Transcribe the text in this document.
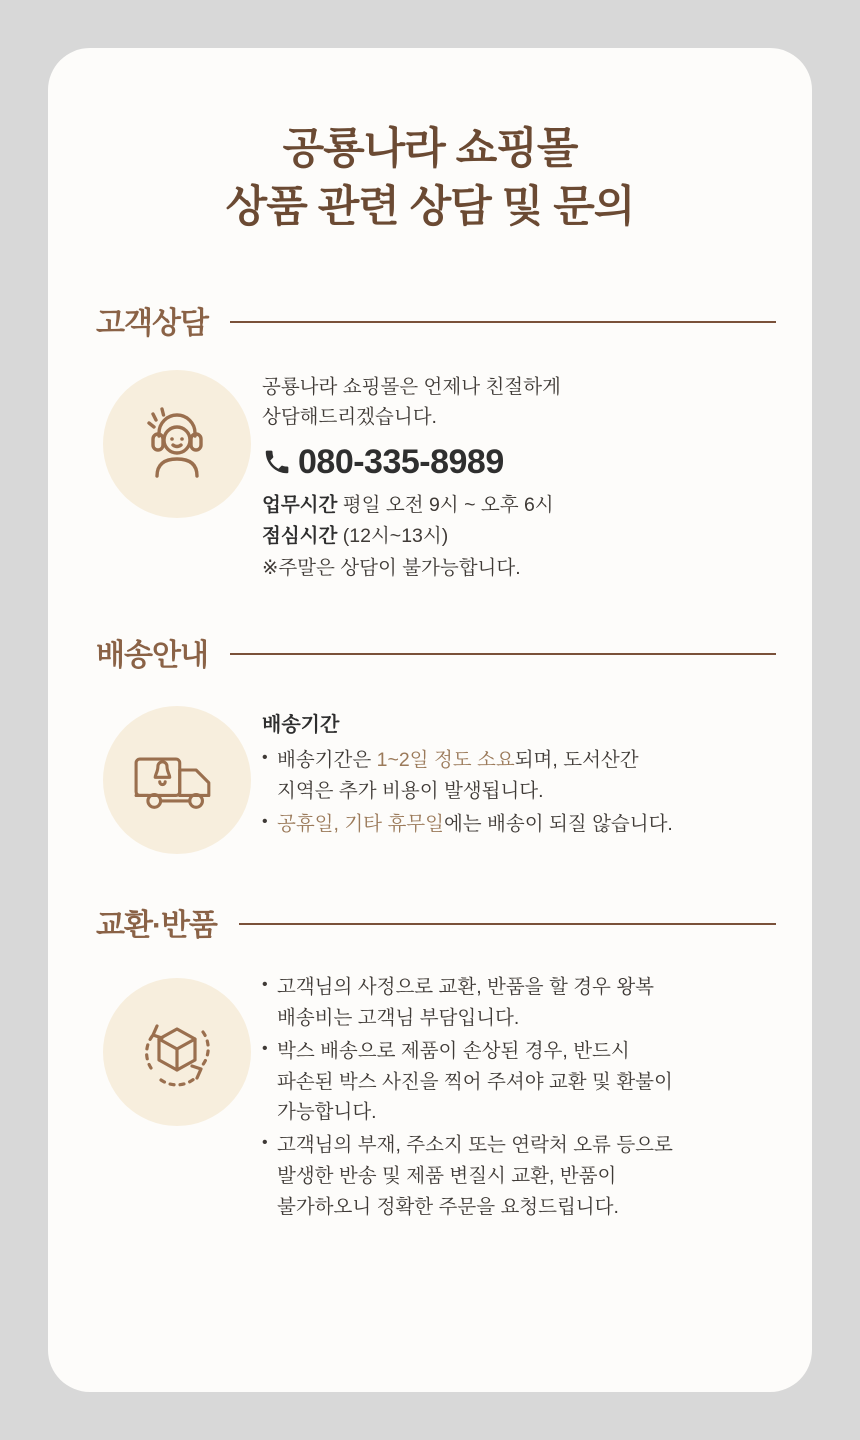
공룡나라 쇼핑몰
상품 관련 상담 및 문의
고객상담
공룡나라 쇼핑몰은 언제나 친절하게
상담해드리겠습니다.
080-335-8989
업무시간 평일 오전 9시 ~ 오후 6시
점심시간 (12시~13시)
※주말은 상담이 불가능합니다.
배송안내
배송기간
• 배송기간은 1~2일 정도 소요되며, 도서산간
지역은 추가 비용이 발생됩니다.
• 공휴일, 기타 휴무일에는 배송이 되질 않습니다.
교환·반품
• 고객님의 사정으로 교환, 반품을 할 경우 왕복
배송비는 고객님 부담입니다.
• 박스 배송으로 제품이 손상된 경우, 반드시
파손된 박스 사진을 찍어 주셔야 교환 및 환불이
가능합니다.
• 고객님의 부재, 주소지 또는 연락처 오류 등으로
발생한 반송 및 제품 변질시 교환, 반품이
불가하오니 정확한 주문을 요청드립니다.
